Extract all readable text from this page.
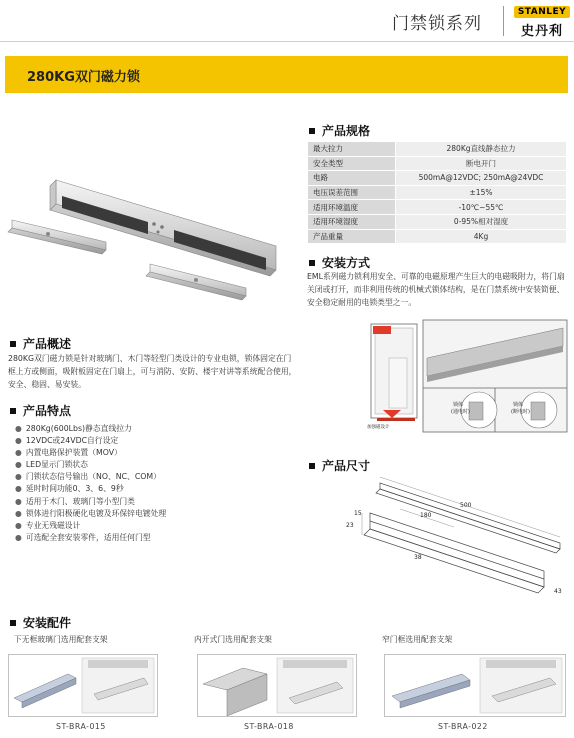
门禁锁系列
STANLEY
史丹利
280KG双门磁力锁
产品规格
最大拉力	280Kg直线静态拉力
安全类型	断电开门
电路	500mA@12VDC; 250mA@24VDC
电压误差范围	±15%
适用环境温度	-10℃~55℃
适用环境湿度	0-95%相对湿度
产品重量	4Kg
安装方式
EML系列磁力锁利用安全、可靠的电磁原理产生巨大的电磁吸附力，将门扇关闭或打开，而非利用传统的机械式锁体结构，是在门禁系统中安装简便、安全稳定耐用的电锁类型之一。
锁体
(通电时)
锁体
(断电时)
加强磁设计
产品概述
280KG双门磁力锁是针对玻璃门、木门等轻型门类设计的专业电锁，锁体固定在门框上方或侧面，吸附板固定在门扇上，可与消防、安防、楼宇对讲等系统配合使用，安全、稳固、易安装。
产品特点
● 280Kg(600Lbs)静态直线拉力
● 12VDC或24VDC自行设定
● 内置电路保护装置（MOV）
● LED显示门锁状态
● 门锁状态信号输出（NO、NC、COM）
● 延时时间功能0、3、6、9秒
● 适用于木门、玻璃门等小型门类
● 锁体进行阳极硬化电镀及环保锌电镀处理
● 专业无残磁设计
● 可选配全套安装零件，适用任何门型
产品尺寸
500
15	180
38
43
23
安装配件
下无框玻璃门选用配套支架	内开式门选用配套支架	窄门框选用配套支架
ST-BRA-015	ST-BRA-018	ST-BRA-022
